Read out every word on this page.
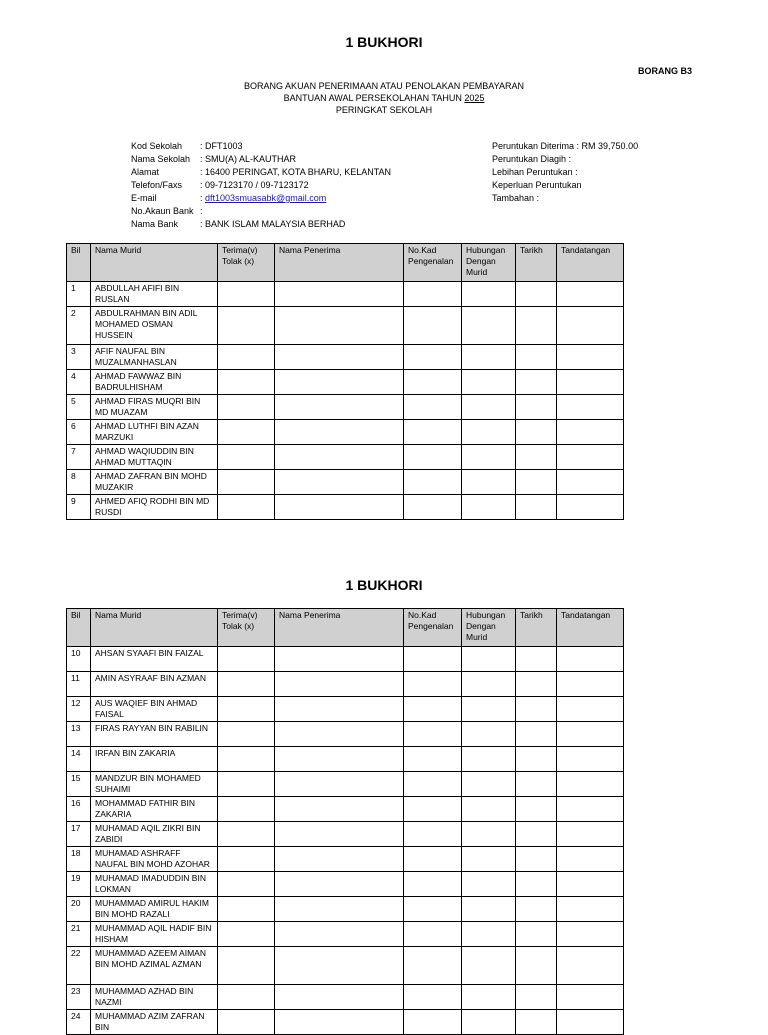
1 BUKHORI
BORANG B3
BORANG AKUAN PENERIMAAN ATAU PENOLAKAN PEMBAYARAN
BANTUAN AWAL PERSEKOLAHAN TAHUN 2025
PERINGKAT SEKOLAH
Kod Sekolah	: DFT1003
Nama Sekolah	: SMU(A) AL-KAUTHAR
Alamat	: 16400 PERINGAT, KOTA BHARU, KELANTAN
Telefon/Faxs	: 09-7123170 / 09-7123172
E-mail	: dft1003smuasabk@gmail.com
No.Akaun Bank :
Nama Bank	: BANK ISLAM MALAYSIA BERHAD
Peruntukan Diterima : RM 39,750.00
Peruntukan Diagih :
Lebihan Peruntukan :
Keperluan Peruntukan
Tambahan :
Bil	Nama Murid	Terima(v) Tolak (x)	Nama Penerima	No.Kad Pengenalan	Hubungan Dengan Murid	Tarikh	Tandatangan
1	ABDULLAH AFIFI BIN RUSLAN						
2	ABDULRAHMAN BIN ADIL MOHAMED OSMAN HUSSEIN						
3	AFIF NAUFAL BIN MUZALMANHASLAN						
4	AHMAD FAWWAZ BIN BADRULHISHAM						
5	AHMAD FIRAS MUQRI BIN MD MUAZAM						
6	AHMAD LUTHFI BIN AZAN MARZUKI						
7	AHMAD WAQIUDDIN BIN AHMAD MUTTAQIN						
8	AHMAD ZAFRAN BIN MOHD MUZAKIR						
9	AHMED AFIQ RODHI BIN MD RUSDI						
1 BUKHORI
Bil	Nama Murid	Terima(v) Tolak (x)	Nama Penerima	No.Kad Pengenalan	Hubungan Dengan Murid	Tarikh	Tandatangan
10	AHSAN SYAAFI BIN FAIZAL						
11	AMIN ASYRAAF BIN AZMAN						
12	AUS WAQIEF BIN AHMAD FAISAL						
13	FIRAS RAYYAN BIN RABILIN						
14	IRFAN BIN ZAKARIA						
15	MANDZUR BIN MOHAMED SUHAIMI						
16	MOHAMMAD FATHIR BIN ZAKARIA						
17	MUHAMAD AQIL ZIKRI BIN ZABIDI						
18	MUHAMAD ASHRAFF NAUFAL BIN MOHD AZOHAR						
19	MUHAMAD IMADUDDIN BIN LOKMAN						
20	MUHAMMAD AMIRUL HAKIM BIN MOHD RAZALI						
21	MUHAMMAD AQIL HADIF BIN HISHAM						
22	MUHAMMAD AZEEM AIMAN BIN MOHD AZIMAL AZMAN						
23	MUHAMMAD AZHAD BIN NAZMI						
24	MUHAMMAD AZIM ZAFRAN BIN						
